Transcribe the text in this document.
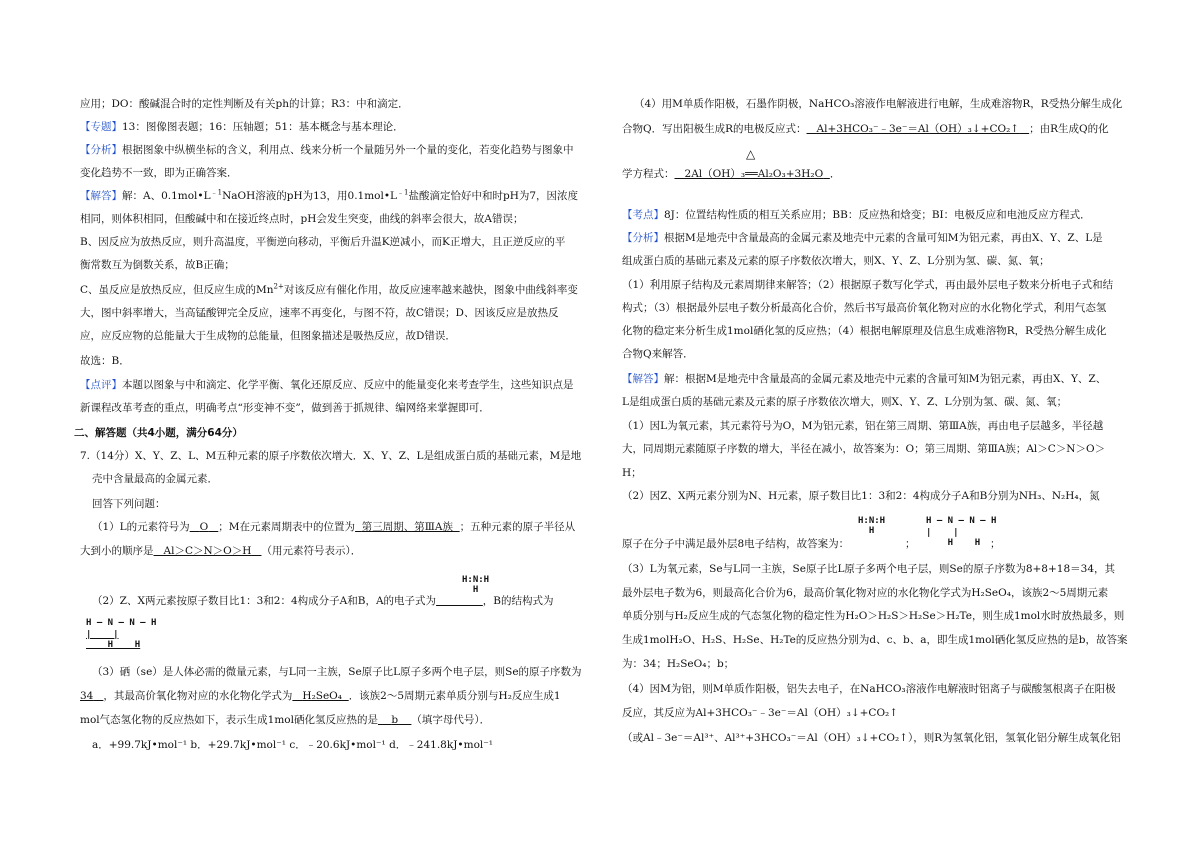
应用；DO：酸碱混合时的定性判断及有关ph的计算；R3：中和滴定．
【专题】13：图像图表题；16：压轴题；51：基本概念与基本理论．
【分析】根据图象中纵横坐标的含义，利用点、线来分析一个量随另外一个量的变化，若变化趋势与图象中
变化趋势不一致，即为正确答案．
【解答】解：A、$0.1mol•L^{﹣1}NaOH$溶液的pH为13，用$0.1mol•L^{﹣1}$盐酸滴定恰好中和时pH为7，因浓度
相同，则体积相同，但酸碱中和在接近终点时，pH会发生突变，曲线的斜率会很大，故A错误；
B、因反应为放热反应，则升高温度，平衡逆向移动，平衡后升温K逆减小，而K正增大，且正逆反应的平
衡常数互为倒数关系，故B正确；
C、虽反应是放热反应，但反应生成的$Mn^{2+}$对该反应有催化作用，故反应速率越来越快，图象中曲线斜率变
大，图中斜率增大，当高锰酸钾完全反应，速率不再变化，与图不符，故C错误；D、因该反应是放热反
应，应反应物的总能量大于生成物的总能量，但图象描述是吸热反应，故D错误．
故选：B．
【点评】本题以图象与中和滴定、化学平衡、氧化还原反应、反应中的能量变化来考查学生，这些知识点是
新课程改革考查的重点，明确考点“形变神不变”，做到善于抓规律、编网络来掌握即可．
二、解答题（共4小题，满分64分）
7.（14分）X、Y、Z、L、M五种元素的原子序数依次增大．X、Y、Z、L是组成蛋白质的基础元素，M是地
壳中含量最高的金属元素．
回答下列问题：
（1）L的元素符号为 O ；M在元素周期表中的位置为 第三周期、第ⅢA族 ；五种元素的原子半径从
大到小的顺序是 Al＞C＞N＞O＞H （用元素符号表示）．
H:N:H
H
（2）Z、X两元素按原子数目比1：3和2：4构成分子A和B，A的电子式为	，B的结构式为
H — N — N — H
|    |
H    H
（3）硒（se）是人体必需的微量元素，与L同一主族，Se原子比L原子多两个电子层，则Se的原子序数为
34 ，其最高价氧化物对应的水化物化学式为 H₂SeO₄ ．该族2～5周期元素单质分别与H₂反应生成1
mol气态氢化物的反应热如下，表示生成1mol硒化氢反应热的是 b （填字母代号）．
a．+99.7kJ•mol⁻¹ b．+29.7kJ•mol⁻¹ c．﹣20.6kJ•mol⁻¹ d．﹣241.8kJ•mol⁻¹
（4）用M单质作阳极，石墨作阴极，NaHCO₃溶液作电解液进行电解，生成难溶物R，R受热分解生成化
合物Q．写出阳极生成R的电极反应式： Al+3HCO₃⁻﹣3e⁻＝Al（OH）₃↓+CO₂↑ ；由R生成Q的化
△
学方程式： 2Al（OH）₃══Al₂O₃+3H₂O ．
【考点】8J：位置结构性质的相互关系应用；BB：反应热和焓变；BI：电极反应和电池反应方程式．
【分析】根据M是地壳中含量最高的金属元素及地壳中元素的含量可知M为铝元素，再由X、Y、Z、L是
组成蛋白质的基础元素及元素的原子序数依次增大，则X、Y、Z、L分别为氢、碳、氮、氧；
（1）利用原子结构及元素周期律来解答；（2）根据原子数写化学式，再由最外层电子数来分析电子式和结
构式；（3）根据最外层电子数分析最高化合价，然后书写最高价氧化物对应的水化物化学式，利用气态氢
化物的稳定来分析生成1mol硒化氢的反应热；（4）根据电解原理及信息生成难溶物R，R受热分解生成化
合物Q来解答．
【解答】解：根据M是地壳中含量最高的金属元素及地壳中元素的含量可知M为铝元素，再由X、Y、Z、
L是组成蛋白质的基础元素及元素的原子序数依次增大，则X、Y、Z、L分别为氢、碳、氮、氧；
（1）因L为氧元素，其元素符号为O，M为铝元素，铝在第三周期、第ⅢA族，再由电子层越多，半径越
大，同周期元素随原子序数的增大，半径在减小，故答案为：O；第三周期、第ⅢA族；Al＞C＞N＞O＞
H；
（2）因Z、X两元素分别为N、H元素，原子数目比1：3和2：4构成分子A和B分别为NH₃、N₂H₄，氮
H:N:H
H
H — N — N — H
|    |
H    H
原子在分子中满足最外层8电子结构，故答案为：	；	；
（3）L为氧元素，Se与L同一主族，Se原子比L原子多两个电子层，则Se的原子序数为8+8+18＝34，其
最外层电子数为6，则最高化合价为6，最高价氧化物对应的水化物化学式为H₂SeO₄，该族2～5周期元素
单质分别与H₂反应生成的气态氢化物的稳定性为H₂O＞H₂S＞H₂Se＞H₂Te，则生成1mol水时放热最多，则
生成1molH₂O、H₂S、H₂Se、H₂Te的反应热分别为d、c、b、a，即生成1mol硒化氢反应热的是b，故答案
为：34；H₂SeO₄；b；
（4）因M为铝，则M单质作阳极，铝失去电子，在NaHCO₃溶液作电解液时铝离子与碳酸氢根离子在阳极
反应，其反应为Al+3HCO₃⁻﹣3e⁻＝Al（OH）₃↓+CO₂↑
（或Al﹣3e⁻＝Al³⁺、Al³⁺+3HCO₃⁻＝Al（OH）₃↓+CO₂↑），则R为氢氧化铝，氢氧化铝分解生成氧化铝
